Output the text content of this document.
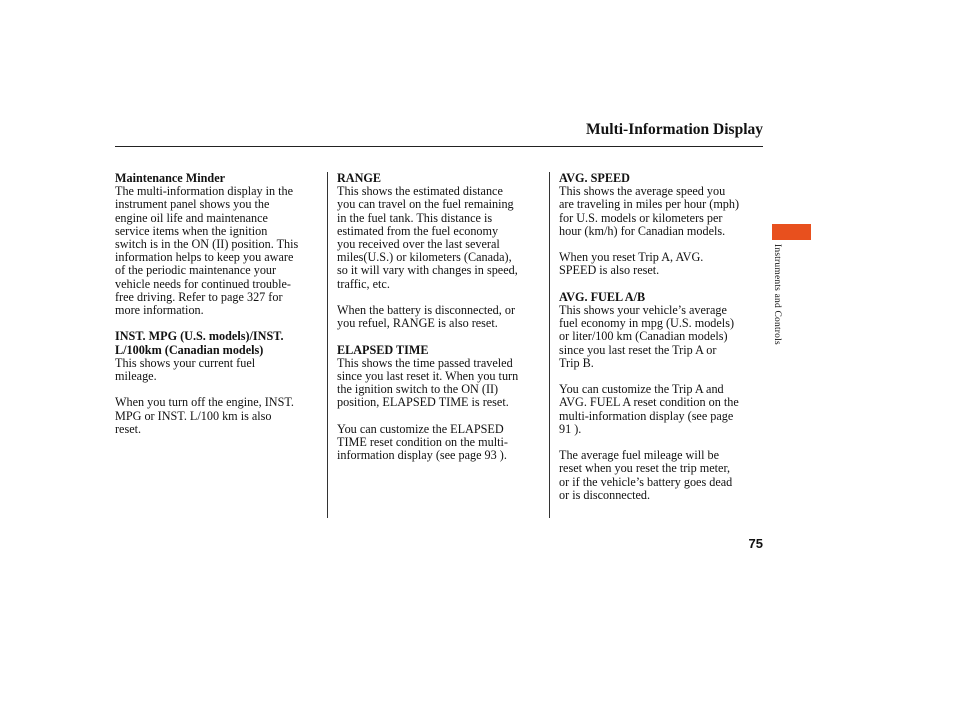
Multi-Information Display
Maintenance Minder
The multi-information display in the
instrument panel shows you the
engine oil life and maintenance
service items when the ignition
switch is in the ON (II) position. This
information helps to keep you aware
of the periodic maintenance your
vehicle needs for continued trouble-
free driving. Refer to page 327 for
more information.
INST. MPG (U.S. models)/INST.
L/100km (Canadian models)
This shows your current fuel
mileage.
When you turn off the engine, INST.
MPG or INST. L/100 km is also
reset.
RANGE
This shows the estimated distance
you can travel on the fuel remaining
in the fuel tank. This distance is
estimated from the fuel economy
you received over the last several
miles(U.S.) or kilometers (Canada),
so it will vary with changes in speed,
traffic, etc.
When the battery is disconnected, or
you refuel, RANGE is also reset.
ELAPSED TIME
This shows the time passed traveled
since you last reset it. When you turn
the ignition switch to the ON (II)
position, ELAPSED TIME is reset.
You can customize the ELAPSED
TIME reset condition on the multi-
information display (see page 93 ).
AVG. SPEED
This shows the average speed you
are traveling in miles per hour (mph)
for U.S. models or kilometers per
hour (km/h) for Canadian models.
When you reset Trip A, AVG.
SPEED is also reset.
AVG. FUEL A/B
This shows your vehicle’s average
fuel economy in mpg (U.S. models)
or liter/100 km (Canadian models)
since you last reset the Trip A or
Trip B.
You can customize the Trip A and
AVG. FUEL A reset condition on the
multi-information display (see page
91 ).
The average fuel mileage will be
reset when you reset the trip meter,
or if the vehicle’s battery goes dead
or is disconnected.
Instruments and Controls
75
